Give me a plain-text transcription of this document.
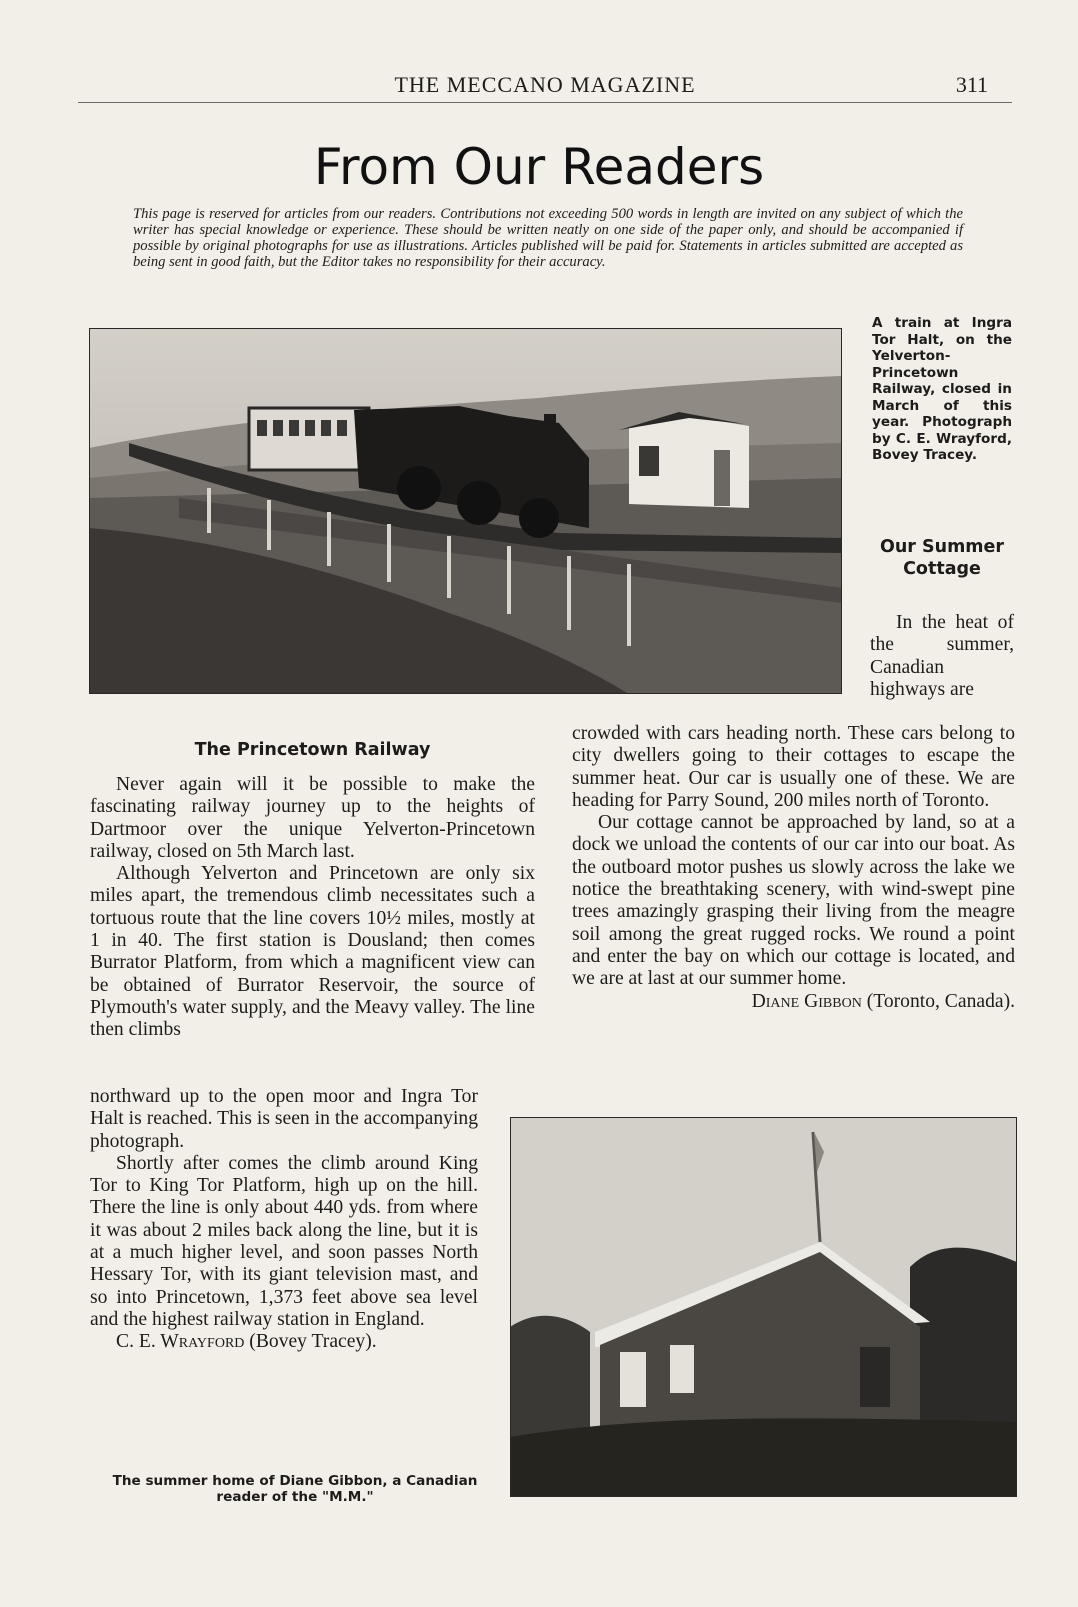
THE MECCANO MAGAZINE	311
From Our Readers
This page is reserved for articles from our readers. Contributions not exceeding 500 words in length are invited on any subject of which the writer has special knowledge or experience. These should be written neatly on one side of the paper only, and should be accompanied if possible by original photographs for use as illustrations. Articles published will be paid for. Statements in articles submitted are accepted as being sent in good faith, but the Editor takes no responsibility for their accuracy.
A train at Ingra Tor Halt, on the Yelverton-Princetown Railway, closed in March of this year. Photograph by C. E. Wrayford, Bovey Tracey.
Our Summer Cottage

In the heat of the summer, Canadian highways are

crowded with cars heading north. These cars belong to city dwellers going to their cottages to escape the summer heat. Our car is usually one of these. We are heading for Parry Sound, 200 miles north of Toronto.

Our cottage cannot be approached by land, so at a dock we unload the contents of our car into our boat. As the outboard motor pushes us slowly across the lake we notice the breathtaking scenery, with wind-swept pine trees amazingly grasping their living from the meagre soil among the great rugged rocks. We round a point and enter the bay on which our cottage is located, and we are at last at our summer home.

Diane Gibbon (Toronto, Canada).

The Princetown Railway

Never again will it be possible to make the fascinating railway journey up to the heights of Dartmoor over the unique Yelverton-Princetown railway, closed on 5th March last.

Although Yelverton and Princetown are only six miles apart, the tremendous climb necessitates such a tortuous route that the line covers 10½ miles, mostly at 1 in 40. The first station is Dousland; then comes Burrator Platform, from which a magnificent view can be obtained of Burrator Reservoir, the source of Plymouth's water supply, and the Meavy valley. The line then climbs

northward up to the open moor and Ingra Tor Halt is reached. This is seen in the accompanying photograph.

Shortly after comes the climb around King Tor to King Tor Platform, high up on the hill. There the line is only about 440 yds. from where it was about 2 miles back along the line, but it is at a much higher level, and soon passes North Hessary Tor, with its giant television mast, and so into Princetown, 1,373 feet above sea level and the highest railway station in England.

C. E. Wrayford (Bovey Tracey).

The summer home of Diane Gibbon, a Canadian reader of the "M.M."
